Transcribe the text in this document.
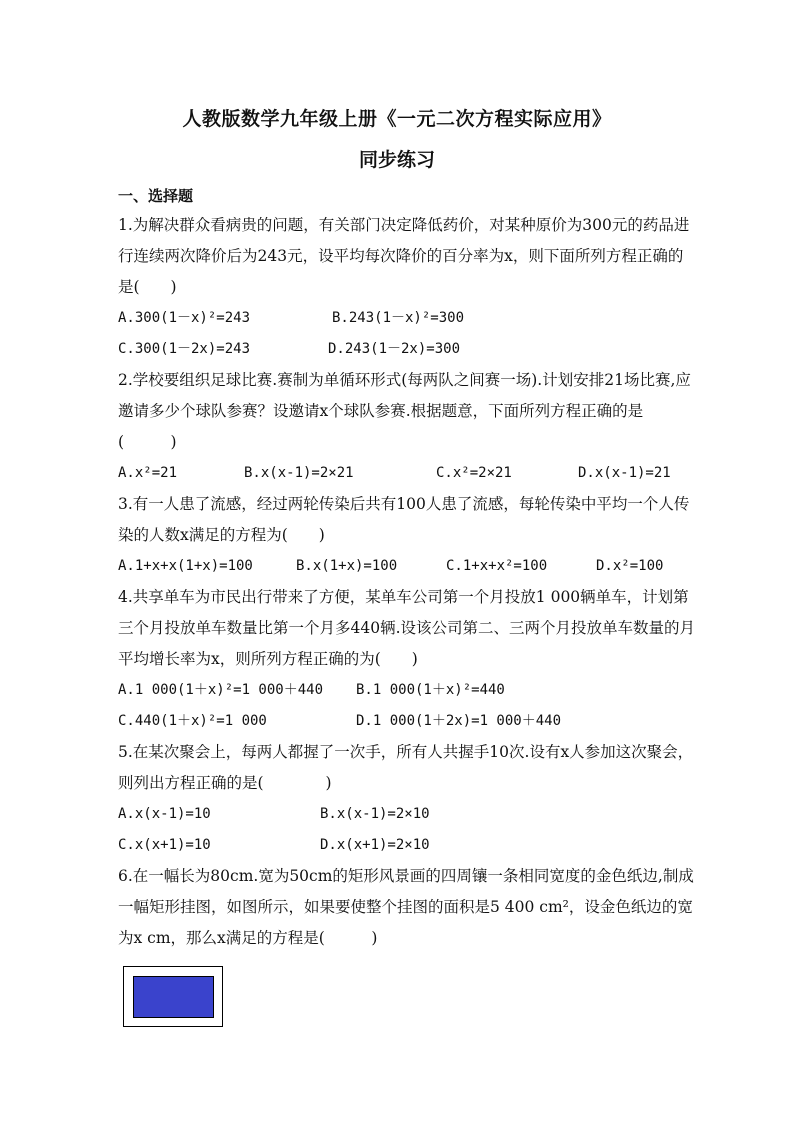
人教版数学九年级上册《一元二次方程实际应用》
同步练习
一、选择题

1.为解决群众看病贵的问题，有关部门决定降低药价，对某种原价为300元的药品进行连续两次降价后为243元，设平均每次降价的百分率为x，则下面所列方程正确的是(　　)

A.300(1－x)²=243	B.243(1－x)²=300
C.300(1－2x)=243	D.243(1－2x)=300

2.学校要组织足球比赛.赛制为单循环形式(每两队之间赛一场).计划安排21场比赛,应邀请多少个球队参赛？设邀请x个球队参赛.根据题意，下面所列方程正确的是(　　　)

A.x²=21	B.x(x-1)=2×21	C.x²=2×21	D.x(x-1)=21

3.有一人患了流感，经过两轮传染后共有100人患了流感，每轮传染中平均一个人传染的人数x满足的方程为(　　)

A.1+x+x(1+x)=100	B.x(1+x)=100	C.1+x+x²=100	D.x²=100

4.共享单车为市民出行带来了方便，某单车公司第一个月投放1 000辆单车，计划第三个月投放单车数量比第一个月多440辆.设该公司第二、三两个月投放单车数量的月平均增长率为x，则所列方程正确的为(　　)

A.1 000(1＋x)²=1 000＋440 B.1 000(1＋x)²=440
C.440(1＋x)²=1 000	D.1 000(1＋2x)=1 000＋440

5.在某次聚会上，每两人都握了一次手，所有人共握手10次.设有x人参加这次聚会，则列出方程正确的是(　　　　)

A.x(x-1)=10	B.x(x-1)=2×10
C.x(x+1)=10	D.x(x+1)=2×10

6.在一幅长为80cm.宽为50cm的矩形风景画的四周镶一条相同宽度的金色纸边,制成一幅矩形挂图，如图所示，如果要使整个挂图的面积是5 400 cm²，设金色纸边的宽为x cm，那么x满足的方程是(　　　)
